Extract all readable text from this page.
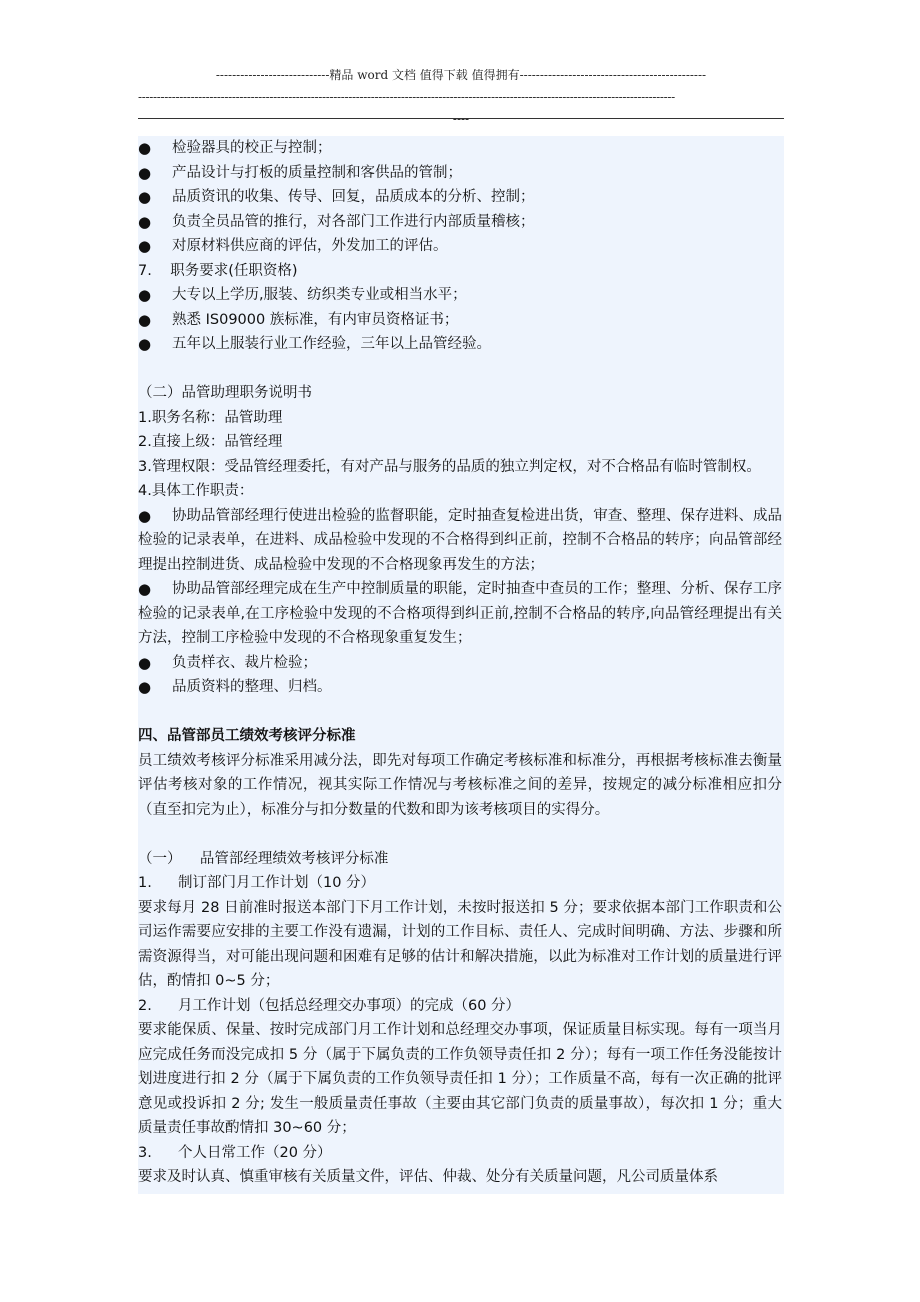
----------------------------精品 word 文档 值得下载 值得拥有----------------------------------------------
-----------------------------------------------------------------------------------------------------------------------------------------------
----
●	检验器具的校正与控制；
●	产品设计与打板的质量控制和客供品的管制；
●	品质资讯的收集、传导、回复，品质成本的分析、控制；
●	负责全员品管的推行，对各部门工作进行内部质量稽核；
●	对原材料供应商的评估，外发加工的评估。

7.    职务要求(任职资格)

●	大专以上学历,服装、纺织类专业或相当水平；
●	熟悉 IS09000 族标准，有内审员资格证书；
●	五年以上服装行业工作经验，三年以上品管经验。

（二）品管助理职务说明书

1.职务名称：品管助理

2.直接上级：品管经理

3.管理权限：受品管经理委托，有对产品与服务的品质的独立判定权，对不合格品有临时管制权。

4.具体工作职责：

●	协助品管部经理行使进出检验的监督职能，定时抽查复检进出货，审查、整理、保存进料、成品检验的记录表单，在进料、成品检验中发现的不合格得到纠正前，控制不合格品的转序；向品管部经理提出控制进货、成品检验中发现的不合格现象再发生的方法；
●	协助品管部经理完成在生产中控制质量的职能，定时抽查中查员的工作；整理、分析、保存工序检验的记录表单,在工序检验中发现的不合格项得到纠正前,控制不合格品的转序,向品管经理提出有关方法，控制工序检验中发现的不合格现象重复发生；
●	负责样衣、裁片检验；
●	品质资料的整理、归档。

四、品管部员工绩效考核评分标准

员工绩效考核评分标准采用减分法，即先对每项工作确定考核标准和标准分，再根据考核标准去衡量评估考核对象的工作情况，视其实际工作情况与考核标准之间的差异，按规定的减分标准相应扣分（直至扣完为止），标准分与扣分数量的代数和即为该考核项目的实得分。

（一）    品管部经理绩效考核评分标准

1. 制订部门月工作计划（10 分）

要求每月 28 日前准时报送本部门下月工作计划，未按时报送扣 5 分；要求依据本部门工作职责和公司运作需要应安排的主要工作没有遗漏，计划的工作目标、责任人、完成时间明确、方法、步骤和所需资源得当，对可能出现问题和困难有足够的估计和解决措施，以此为标准对工作计划的质量进行评估，酌情扣 0~5 分；

2. 月工作计划（包括总经理交办事项）的完成（60 分）

要求能保质、保量、按时完成部门月工作计划和总经理交办事项，保证质量目标实现。每有一项当月应完成任务而没完成扣 5 分（属于下属负责的工作负领导责任扣 2 分）；每有一项工作任务没能按计划进度进行扣 2 分（属于下属负责的工作负领导责任扣 1 分）；工作质量不高，每有一次正确的批评意见或投诉扣 2 分; 发生一般质量责任事故（主要由其它部门负责的质量事故），每次扣 1 分；重大质量责任事故酌情扣 30~60 分；

3. 个人日常工作（20 分）

要求及时认真、慎重审核有关质量文件，评估、仲裁、处分有关质量问题，凡公司质量体系
